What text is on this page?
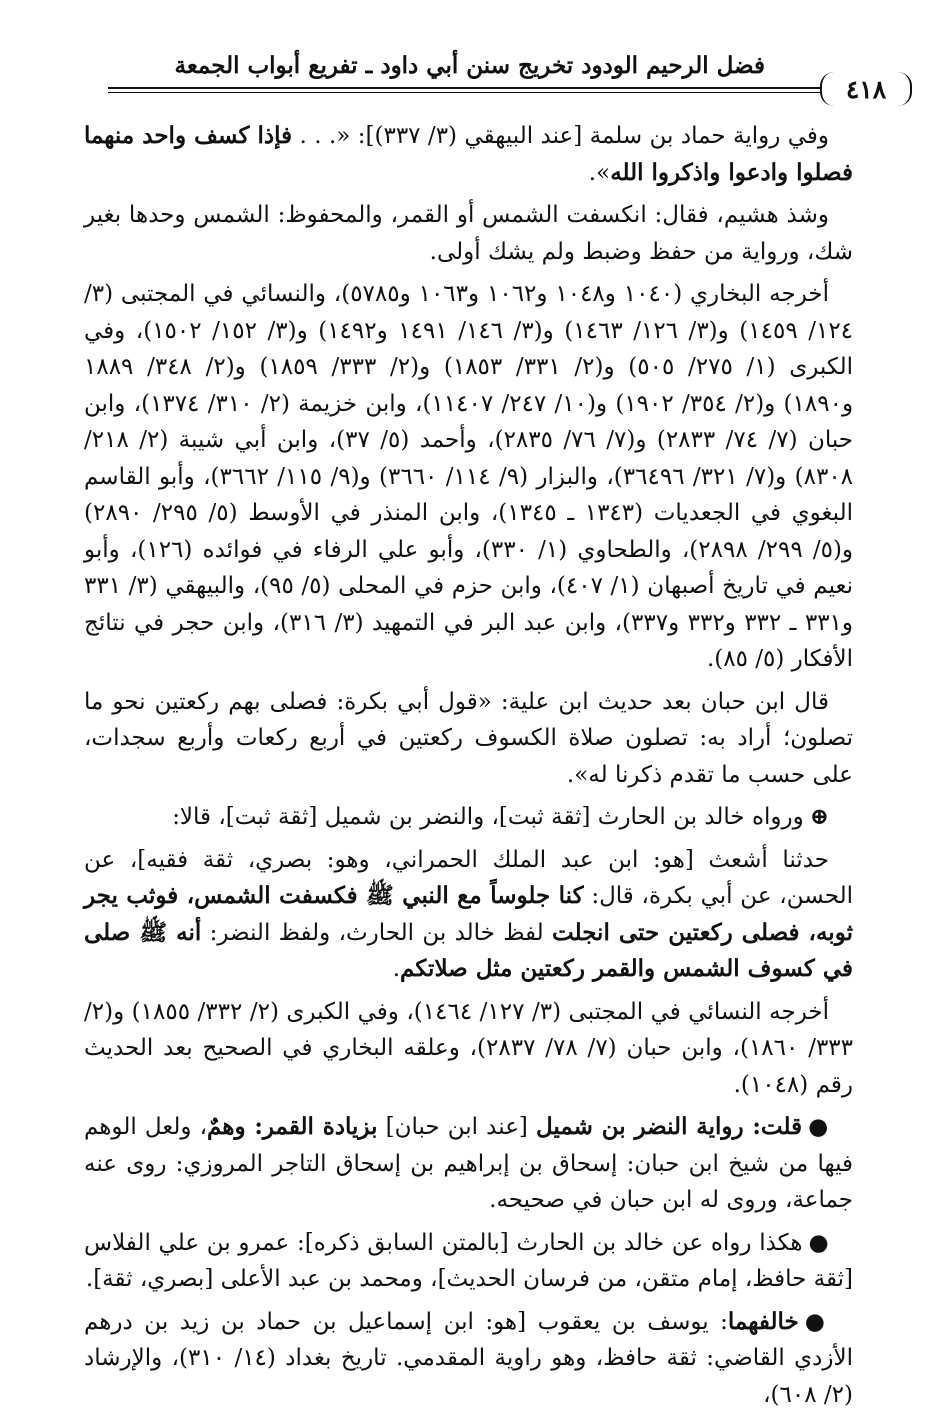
فضل الرحيم الودود تخريج سنن أبي داود ـ تفريع أبواب الجمعة
٤١٨

وفي رواية حماد بن سلمة [عند البيهقي (٣/ ٣٣٧)]: «. . . فإذا كسف واحد منهما فصلوا وادعوا واذكروا الله».

وشذ هشيم، فقال: انكسفت الشمس أو القمر، والمحفوظ: الشمس وحدها بغير شك، ورواية من حفظ وضبط ولم يشك أولى.

أخرجه البخاري (١٠٤٠ و١٠٤٨ و١٠٦٢ و١٠٦٣ و٥٧٨٥)، والنسائي في المجتبى (٣/ ١٢٤/ ١٤٥٩) و(٣/ ١٢٦/ ١٤٦٣) و(٣/ ١٤٦/ ١٤٩١ و١٤٩٢) و(٣/ ١٥٢/ ١٥٠٢)، وفي الكبرى (١/ ٢٧٥/ ٥٠٥) و(٢/ ٣٣١/ ١٨٥٣) و(٢/ ٣٣٣/ ١٨٥٩) و(٢/ ٣٤٨/ ١٨٨٩ و١٨٩٠) و(٢/ ٣٥٤/ ١٩٠٢) و(١٠/ ٢٤٧/ ١١٤٠٧)، وابن خزيمة (٢/ ٣١٠/ ١٣٧٤)، وابن حبان (٧/ ٧٤/ ٢٨٣٣) و(٧/ ٧٦/ ٢٨٣٥)، وأحمد (٥/ ٣٧)، وابن أبي شيبة (٢/ ٢١٨/ ٨٣٠٨) و(٧/ ٣٢١/ ٣٦٤٩٦)، والبزار (٩/ ١١٤/ ٣٦٦٠) و(٩/ ١١٥/ ٣٦٦٢)، وأبو القاسم البغوي في الجعديات (١٣٤٣ ـ ١٣٤٥)، وابن المنذر في الأوسط (٥/ ٢٩٥/ ٢٨٩٠) و(٥/ ٢٩٩/ ٢٨٩٨)، والطحاوي (١/ ٣٣٠)، وأبو علي الرفاء في فوائده (١٢٦)، وأبو نعيم في تاريخ أصبهان (١/ ٤٠٧)، وابن حزم في المحلى (٥/ ٩٥)، والبيهقي (٣/ ٣٣١ و٣٣١ ـ ٣٣٢ و٣٣٢ و٣٣٧)، وابن عبد البر في التمهيد (٣/ ٣١٦)، وابن حجر في نتائج الأفكار (٥/ ٨٥).

قال ابن حبان بعد حديث ابن علية: «قول أبي بكرة: فصلى بهم ركعتين نحو ما تصلون؛ أراد به: تصلون صلاة الكسوف ركعتين في أربع ركعات وأربع سجدات، على حسب ما تقدم ذكرنا له».

⊕ورواه خالد بن الحارث [ثقة ثبت]، والنضر بن شميل [ثقة ثبت]، قالا:

حدثنا أشعث [هو: ابن عبد الملك الحمراني، وهو: بصري، ثقة فقيه]، عن الحسن، عن أبي بكرة، قال: كنا جلوساً مع النبي ﷺ فكسفت الشمس، فوثب يجر ثوبه، فصلى ركعتين حتى انجلت لفظ خالد بن الحارث، ولفظ النضر: أنه ﷺ صلى في كسوف الشمس والقمر ركعتين مثل صلاتكم.

أخرجه النسائي في المجتبى (٣/ ١٢٧/ ١٤٦٤)، وفي الكبرى (٢/ ٣٣٢/ ١٨٥٥) و(٢/ ٣٣٣/ ١٨٦٠)، وابن حبان (٧/ ٧٨/ ٢٨٣٧)، وعلقه البخاري في الصحيح بعد الحديث رقم (١٠٤٨).

●قلت: رواية النضر بن شميل [عند ابن حبان] بزيادة القمر: وهمٌ، ولعل الوهم فيها من شيخ ابن حبان: إسحاق بن إبراهيم بن إسحاق التاجر المروزي: روى عنه جماعة، وروى له ابن حبان في صحيحه.

●هكذا رواه عن خالد بن الحارث [بالمتن السابق ذكره]: عمرو بن علي الفلاس [ثقة حافظ، إمام متقن، من فرسان الحديث]، ومحمد بن عبد الأعلى [بصري، ثقة].

●خالفهما: يوسف بن يعقوب [هو: ابن إسماعيل بن حماد بن زيد بن درهم الأزدي القاضي: ثقة حافظ، وهو راوية المقدمي. تاريخ بغداد (١٤/ ٣١٠)، والإرشاد (٢/ ٦٠٨)،
